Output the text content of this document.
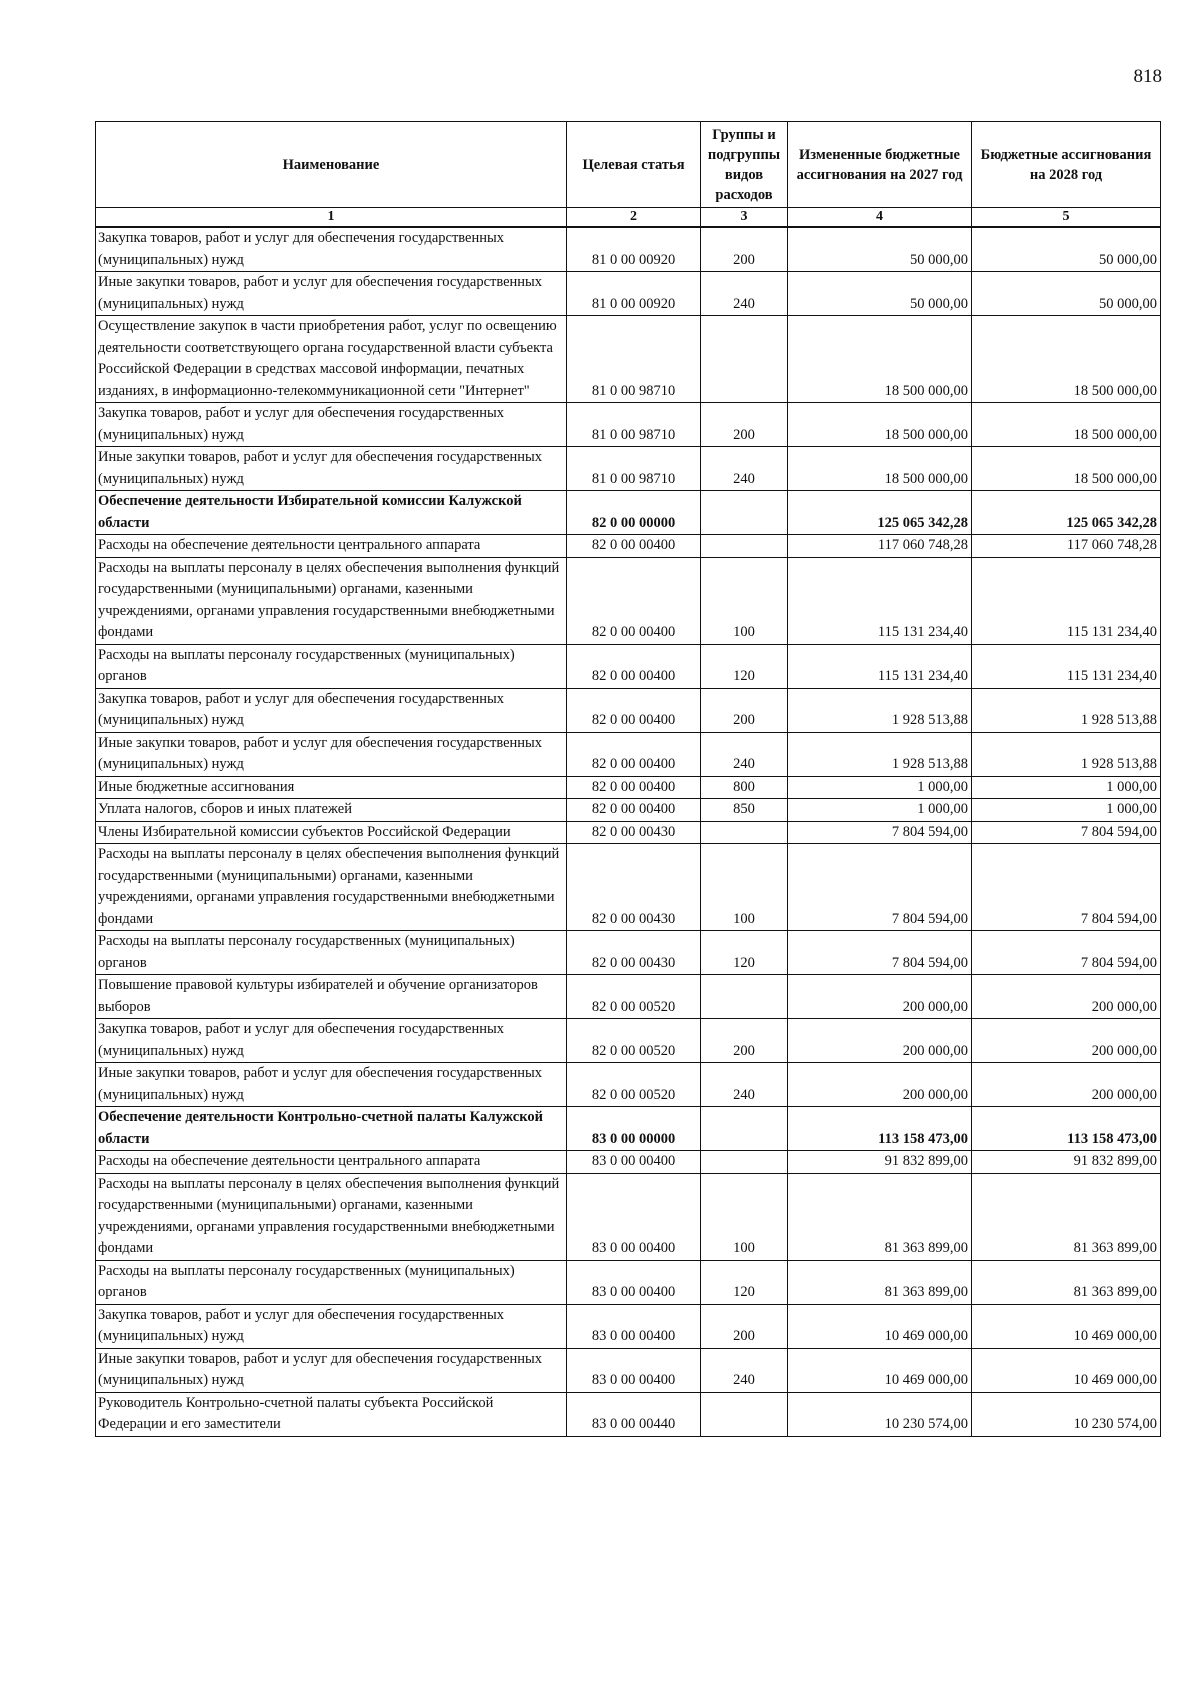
818
Наименование	Целевая статья	Группы и подгруппы видов расходов	Измененные бюджетные ассигнования на 2027 год	Бюджетные ассигнования на 2028 год
1	2	3	4	5
Закупка товаров, работ и услуг для обеспечения государственных (муниципальных) нужд	81 0 00 00920	200	50 000,00	50 000,00
Иные закупки товаров, работ и услуг для обеспечения государственных (муниципальных) нужд	81 0 00 00920	240	50 000,00	50 000,00
Осуществление закупок в части приобретения работ, услуг по освещению деятельности соответствующего органа государственной власти субъекта Российской Федерации в средствах массовой информации, печатных изданиях, в информационно-телекоммуникационной сети "Интернет"	81 0 00 98710		18 500 000,00	18 500 000,00
Закупка товаров, работ и услуг для обеспечения государственных (муниципальных) нужд	81 0 00 98710	200	18 500 000,00	18 500 000,00
Иные закупки товаров, работ и услуг для обеспечения государственных (муниципальных) нужд	81 0 00 98710	240	18 500 000,00	18 500 000,00
Обеспечение деятельности Избирательной комиссии Калужской области	82 0 00 00000		125 065 342,28	125 065 342,28
Расходы на обеспечение деятельности центрального аппарата	82 0 00 00400		117 060 748,28	117 060 748,28
Расходы на выплаты персоналу в целях обеспечения выполнения функций государственными (муниципальными) органами, казенными учреждениями, органами управления государственными внебюджетными фондами	82 0 00 00400	100	115 131 234,40	115 131 234,40
Расходы на выплаты персоналу государственных (муниципальных) органов	82 0 00 00400	120	115 131 234,40	115 131 234,40
Закупка товаров, работ и услуг для обеспечения государственных (муниципальных) нужд	82 0 00 00400	200	1 928 513,88	1 928 513,88
Иные закупки товаров, работ и услуг для обеспечения государственных (муниципальных) нужд	82 0 00 00400	240	1 928 513,88	1 928 513,88
Иные бюджетные ассигнования	82 0 00 00400	800	1 000,00	1 000,00
Уплата налогов, сборов и иных платежей	82 0 00 00400	850	1 000,00	1 000,00
Члены Избирательной комиссии субъектов Российской Федерации	82 0 00 00430		7 804 594,00	7 804 594,00
Расходы на выплаты персоналу в целях обеспечения выполнения функций государственными (муниципальными) органами, казенными учреждениями, органами управления государственными внебюджетными фондами	82 0 00 00430	100	7 804 594,00	7 804 594,00
Расходы на выплаты персоналу государственных (муниципальных) органов	82 0 00 00430	120	7 804 594,00	7 804 594,00
Повышение правовой культуры избирателей и обучение организаторов выборов	82 0 00 00520		200 000,00	200 000,00
Закупка товаров, работ и услуг для обеспечения государственных (муниципальных) нужд	82 0 00 00520	200	200 000,00	200 000,00
Иные закупки товаров, работ и услуг для обеспечения государственных (муниципальных) нужд	82 0 00 00520	240	200 000,00	200 000,00
Обеспечение деятельности Контрольно-счетной палаты Калужской области	83 0 00 00000		113 158 473,00	113 158 473,00
Расходы на обеспечение деятельности центрального аппарата	83 0 00 00400		91 832 899,00	91 832 899,00
Расходы на выплаты персоналу в целях обеспечения выполнения функций государственными (муниципальными) органами, казенными учреждениями, органами управления государственными внебюджетными фондами	83 0 00 00400	100	81 363 899,00	81 363 899,00
Расходы на выплаты персоналу государственных (муниципальных) органов	83 0 00 00400	120	81 363 899,00	81 363 899,00
Закупка товаров, работ и услуг для обеспечения государственных (муниципальных) нужд	83 0 00 00400	200	10 469 000,00	10 469 000,00
Иные закупки товаров, работ и услуг для обеспечения государственных (муниципальных) нужд	83 0 00 00400	240	10 469 000,00	10 469 000,00
Руководитель Контрольно-счетной палаты субъекта Российской Федерации и его заместители	83 0 00 00440		10 230 574,00	10 230 574,00
